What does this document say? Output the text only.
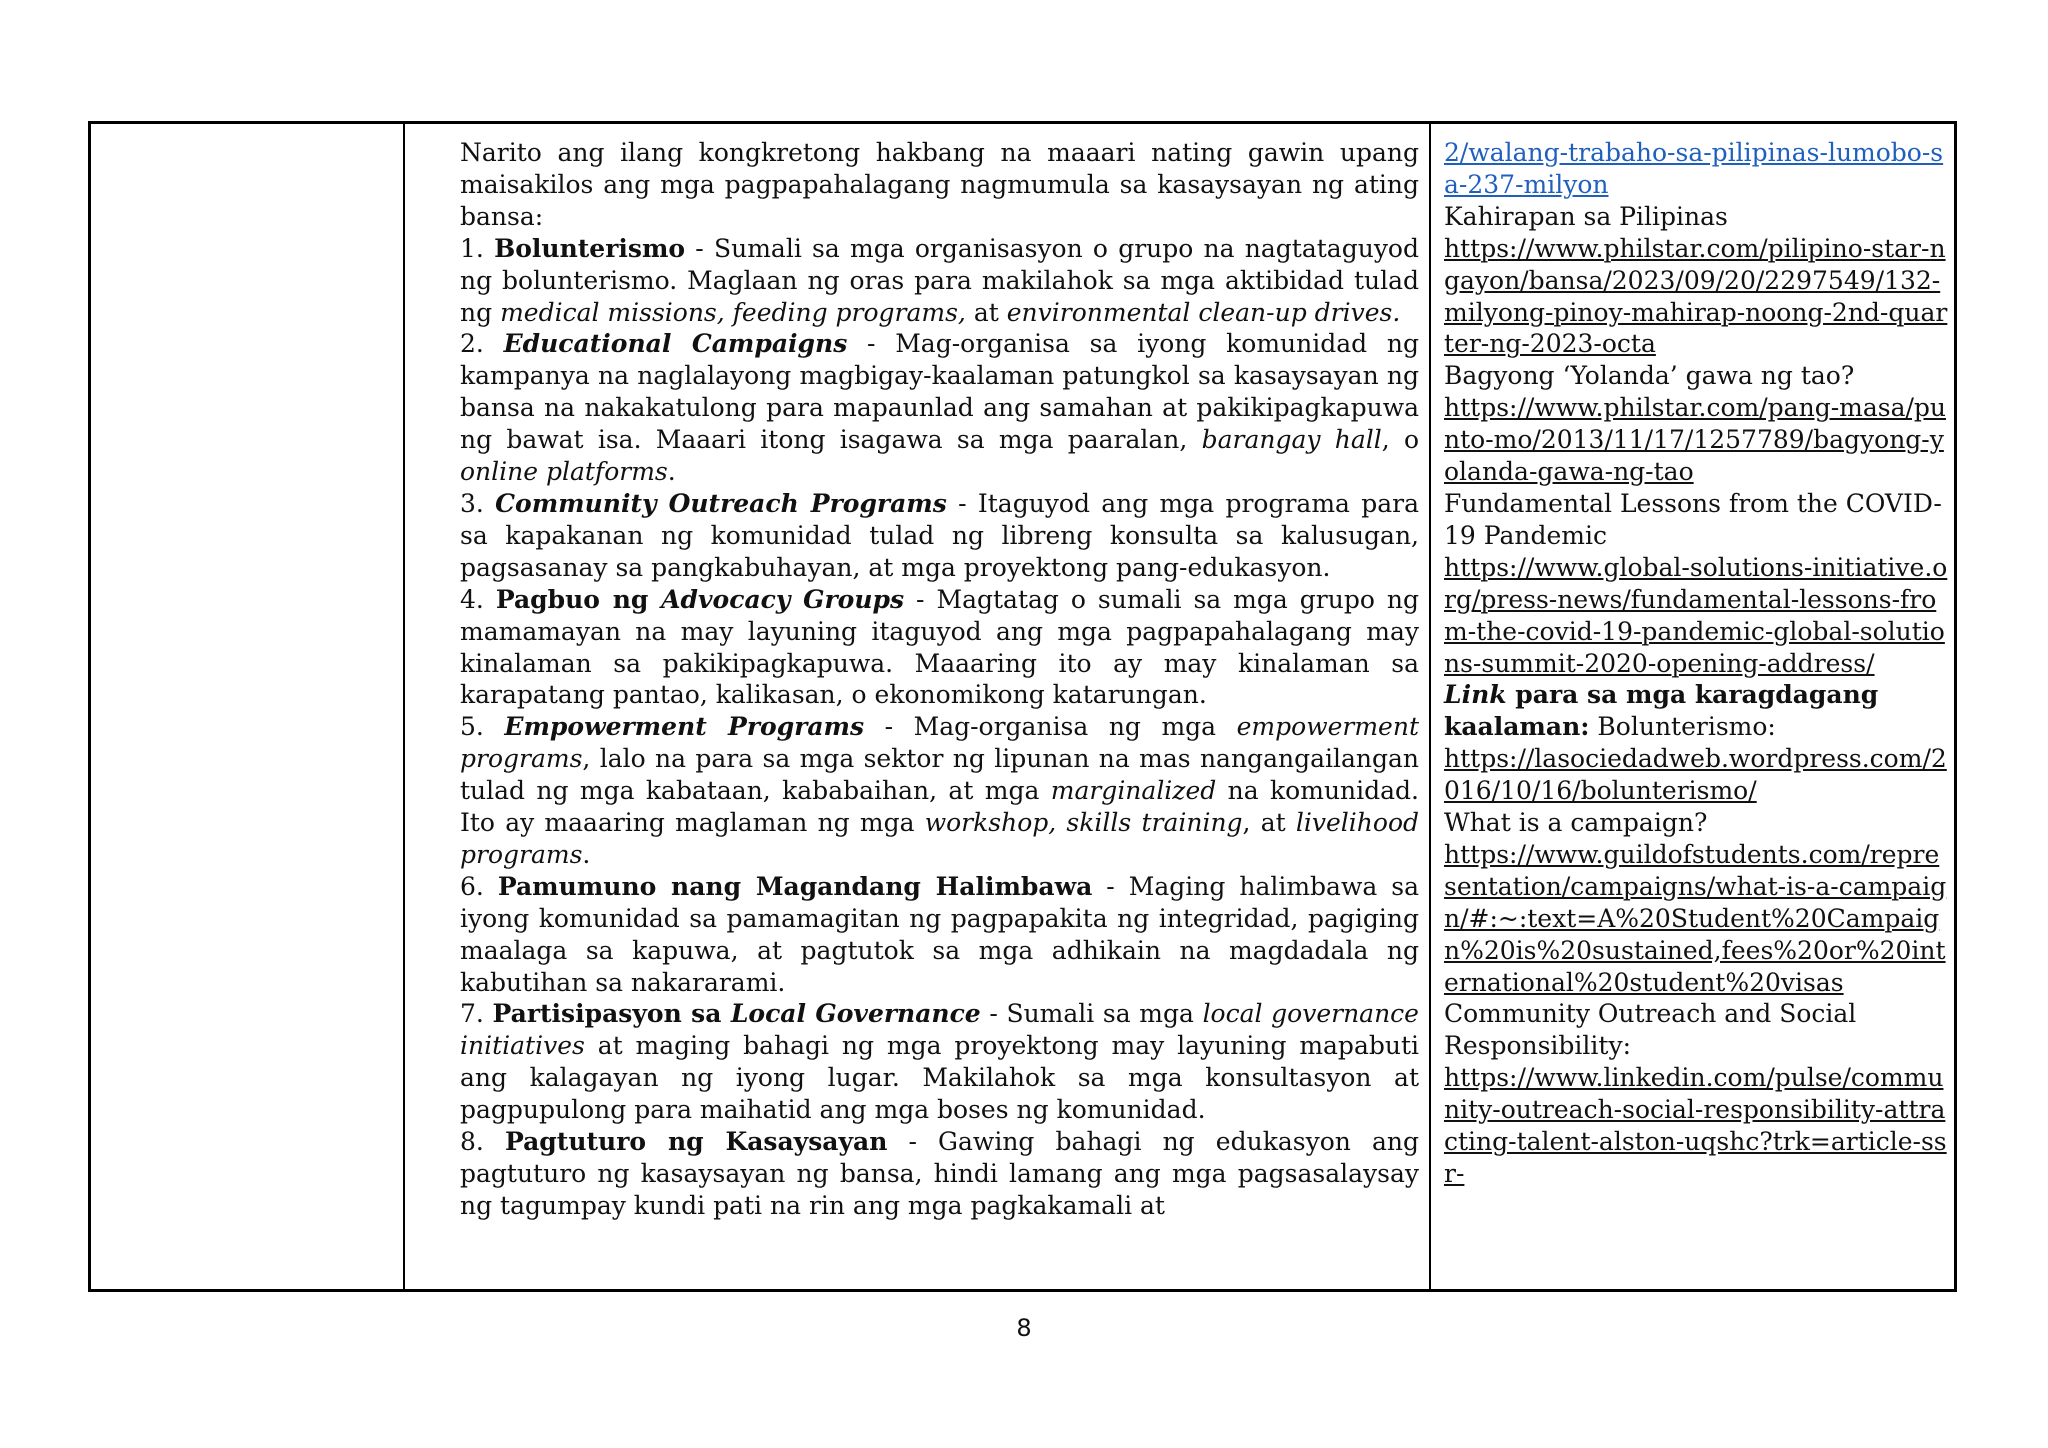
Narito ang ilang kongkretong hakbang na maaari nating gawin upang maisakilos ang mga pagpapahalagang nagmumula sa kasaysayan ng ating bansa:

1. Bolunterismo - Sumali sa mga organisasyon o grupo na nagtataguyod ng bolunterismo. Maglaan ng oras para makilahok sa mga aktibidad tulad ng medical missions, feeding programs, at environmental clean-up drives.

2. Educational Campaigns - Mag-organisa sa iyong komunidad ng kampanya na naglalayong magbigay-kaalaman patungkol sa kasaysayan ng bansa na nakakatulong para mapaunlad ang samahan at pakikipagkapuwa ng bawat isa. Maaari itong isagawa sa mga paaralan, barangay hall, o online platforms.

3. Community Outreach Programs - Itaguyod ang mga programa para sa kapakanan ng komunidad tulad ng libreng konsulta sa kalusugan, pagsasanay sa pangkabuhayan, at mga proyektong pang-edukasyon.

4. Pagbuo ng Advocacy Groups - Magtatag o sumali sa mga grupo ng mamamayan na may layuning itaguyod ang mga pagpapahalagang may kinalaman sa pakikipagkapuwa. Maaaring ito ay may kinalaman sa karapatang pantao, kalikasan, o ekonomikong katarungan.

5. Empowerment Programs - Mag-organisa ng mga empowerment programs, lalo na para sa mga sektor ng lipunan na mas nangangailangan tulad ng mga kabataan, kababaihan, at mga marginalized na komunidad. Ito ay maaaring maglaman ng mga workshop, skills training, at livelihood programs.

6. Pamumuno nang Magandang Halimbawa - Maging halimbawa sa iyong komunidad sa pamamagitan ng pagpapakita ng integridad, pagiging maalaga sa kapuwa, at pagtutok sa mga adhikain na magdadala ng kabutihan sa nakararami.

7. Partisipasyon sa Local Governance - Sumali sa mga local governance initiatives at maging bahagi ng mga proyektong may layuning mapabuti ang kalagayan ng iyong lugar. Makilahok sa mga konsultasyon at pagpupulong para maihatid ang mga boses ng komunidad.

8. Pagtuturo ng Kasaysayan - Gawing bahagi ng edukasyon ang pagtuturo ng kasaysayan ng bansa, hindi lamang ang mga pagsasalaysay ng tagumpay kundi pati na rin ang mga pagkakamali at

2/walang-trabaho-sa-pilipinas-lumobo-sa-237-milyon
Kahirapan sa Pilipinas
https://www.philstar.com/pilipino-star-ngayon/bansa/2023/09/20/2297549/132-milyong-pinoy-mahirap-noong-2nd-quarter-ng-2023-octa
Bagyong ‘Yolanda’ gawa ng tao?
https://www.philstar.com/pang-masa/punto-mo/2013/11/17/1257789/bagyong-yolanda-gawa-ng-tao
Fundamental Lessons from the COVID-19 Pandemic
https://www.global-solutions-initiative.org/press-news/fundamental-lessons-from-the-covid-19-pandemic-global-solutions-summit-2020-opening-address/

Link para sa mga karagdagang kaalaman: Bolunterismo:

https://lasociedadweb.wordpress.com/2016/10/16/bolunterismo/
What is a campaign?

https://www.guildofstudents.com/representation/campaigns/what-is-a-campaign/#:~:text=A%20Student%20Campaign%20is%20sustained,fees%20or%20international%20student%20visas Community Outreach and Social Responsibility:

https://www.linkedin.com/pulse/community-outreach-social-responsibility-attracting-talent-alston-uqshc?trk=article-ssr-
8
